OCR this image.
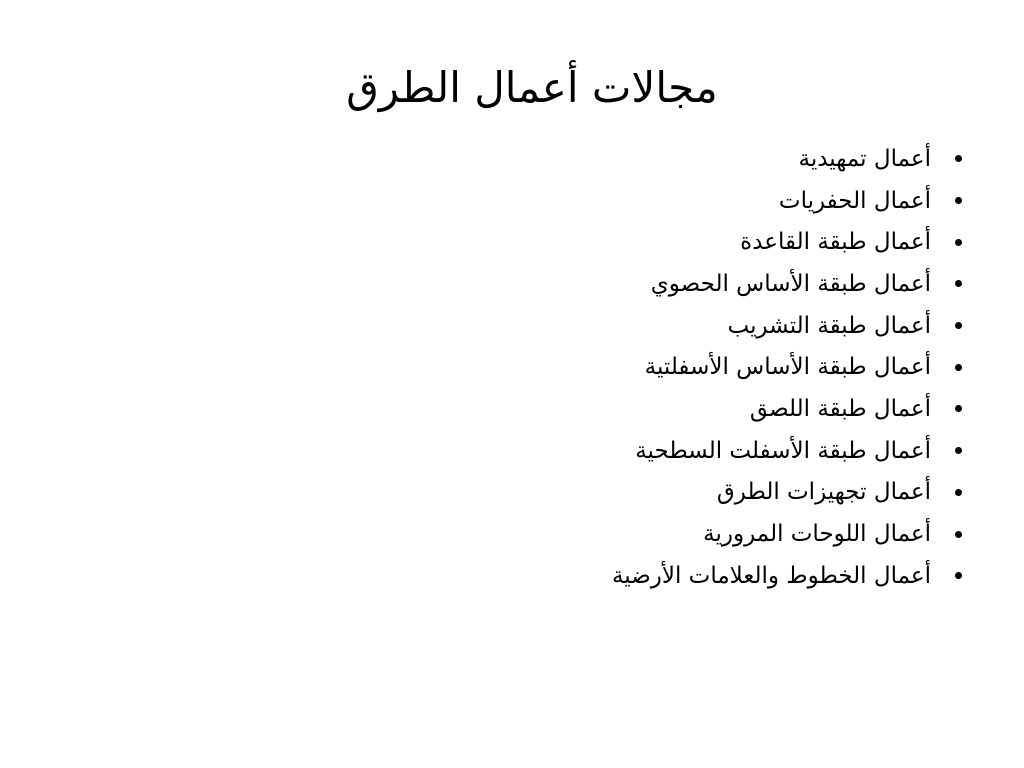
مجالات أعمال الطرق
أعمال تمهيدية
أعمال الحفريات
أعمال طبقة القاعدة
أعمال طبقة الأساس الحصوي
أعمال طبقة التشريب
أعمال طبقة الأساس الأسفلتية
أعمال طبقة اللصق
أعمال طبقة الأسفلت السطحية
أعمال تجهيزات الطرق
أعمال اللوحات المرورية
أعمال الخطوط والعلامات الأرضية
